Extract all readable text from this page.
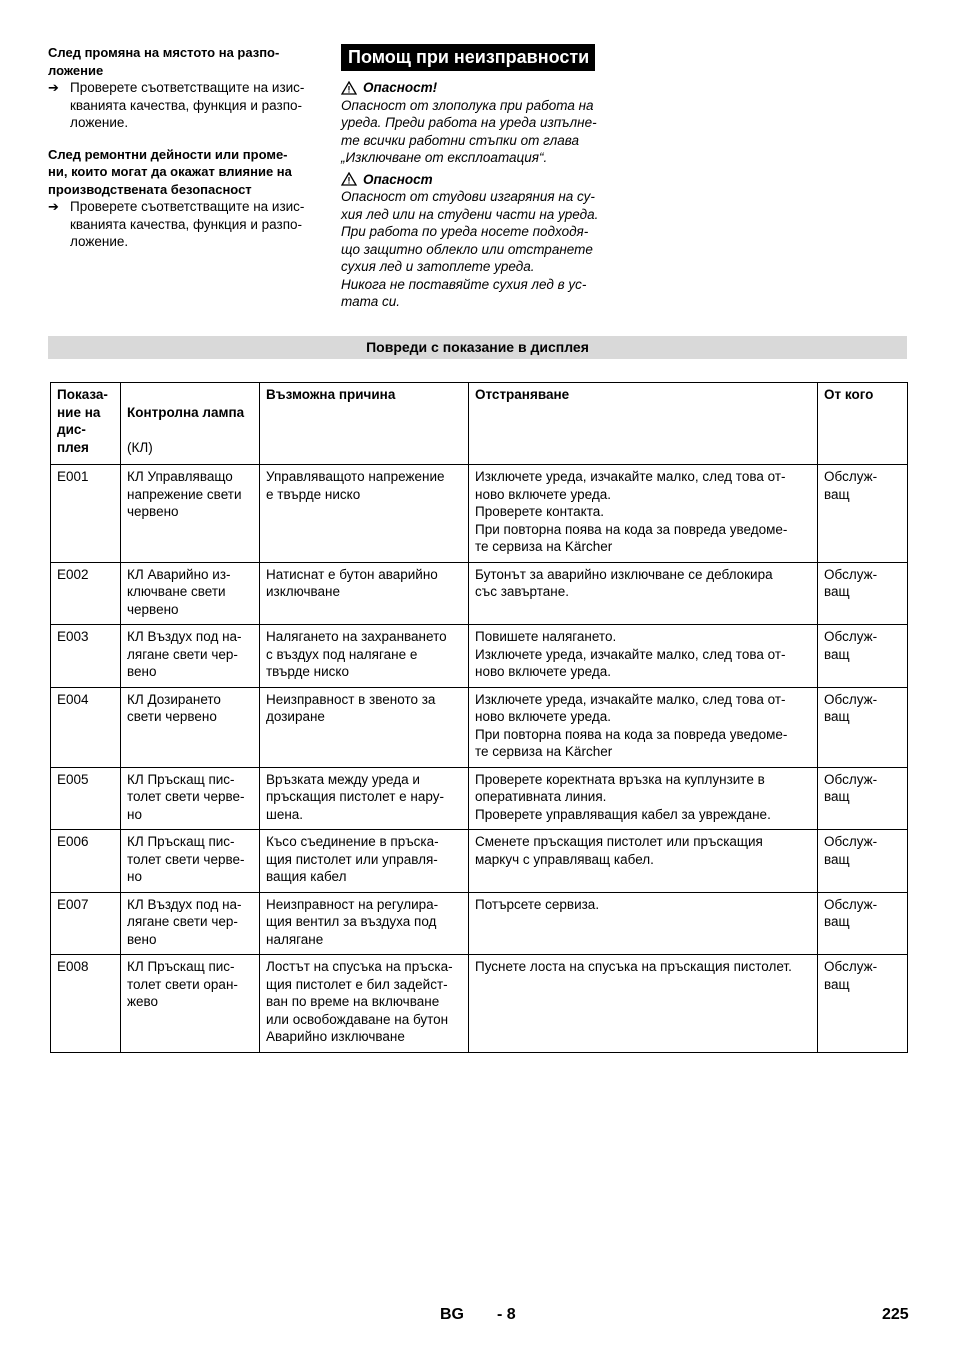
След промяна на мястото на разпо-
ложение
➔ Проверете съответстващите на изис-
кванията качества, функция и разпо-
ложение.
След ремонтни дейности или проме-
ни, които могат да окажат влияние на
производствената безопасност
➔ Проверете съответстващите на изис-
кванията качества, функция и разпо-
ложение.
Помощ при неизправности
Опасност!
Опасност от злополука при работа на
уреда. Преди работа на уреда изпълне-
те всички работни стъпки от глава
„Изключване от експлоатация“.
Опасност
Опасност от студови изгаряния на су-
хия лед или на студени части на уреда.
При работа по уреда носете подходя-
що защитно облекло или отстранете
сухия лед и затоплете уреда.
Никога не поставяйте сухия лед в ус-
тата си.
Повреди с показание в дисплея
Показа-
ние на
дис-
плея	Контролна лампа

(КЛ)	Възможна причина	Отстраняване	От кого
E001	КЛ Управляващо
напрежение свети
червено	Управляващото напрежение
е твърде ниско	Изключете уреда, изчакайте малко, след това от-
ново включете уреда.
Проверете контакта.
При повторна поява на кода за повреда уведоме-
те сервиза на Kärcher	Обслуж-
ващ
E002	КЛ Аварийно из-
ключване свети
червено	Натиснат е бутон аварийно
изключване	Бутонът за аварийно изключване се деблокира
със завъртане.	Обслуж-
ващ
E003	КЛ Въздух под на-
лягане свети чер-
вено	Налягането на захранването
с въздух под налягане е
твърде ниско	Повишете налягането.
Изключете уреда, изчакайте малко, след това от-
ново включете уреда.	Обслуж-
ващ
E004	КЛ Дозирането
свети червено	Неизправност в звеното за
дозиране	Изключете уреда, изчакайте малко, след това от-
ново включете уреда.
При повторна поява на кода за повреда уведоме-
те сервиза на Kärcher	Обслуж-
ващ
E005	КЛ Пръскащ пис-
толет свети черве-
но	Връзката между уреда и
пръскащия пистолет е нару-
шена.	Проверете коректната връзка на куплунзите в
оперативната линия.
Проверете управляващия кабел за увреждане.	Обслуж-
ващ
E006	КЛ Пръскащ пис-
толет свети черве-
но	Късо съединение в пръска-
щия пистолет или управля-
ващия кабел	Сменете пръскащия пистолет или пръскащия
маркуч с управляващ кабел.	Обслуж-
ващ
E007	КЛ Въздух под на-
лягане свети чер-
вено	Неизправност на регулира-
щия вентил за въздуха под
налягане	Потърсете сервиза.	Обслуж-
ващ
E008	КЛ Пръскащ пис-
толет свети оран-
жево	Лостът на спусъка на пръска-
щия пистолет е бил задейст-
ван по време на включване
или освобождаване на бутон
Аварийно изключване	Пуснете лоста на спусъка на пръскащия пистолет.	Обслуж-
ващ
BG - 8	225
